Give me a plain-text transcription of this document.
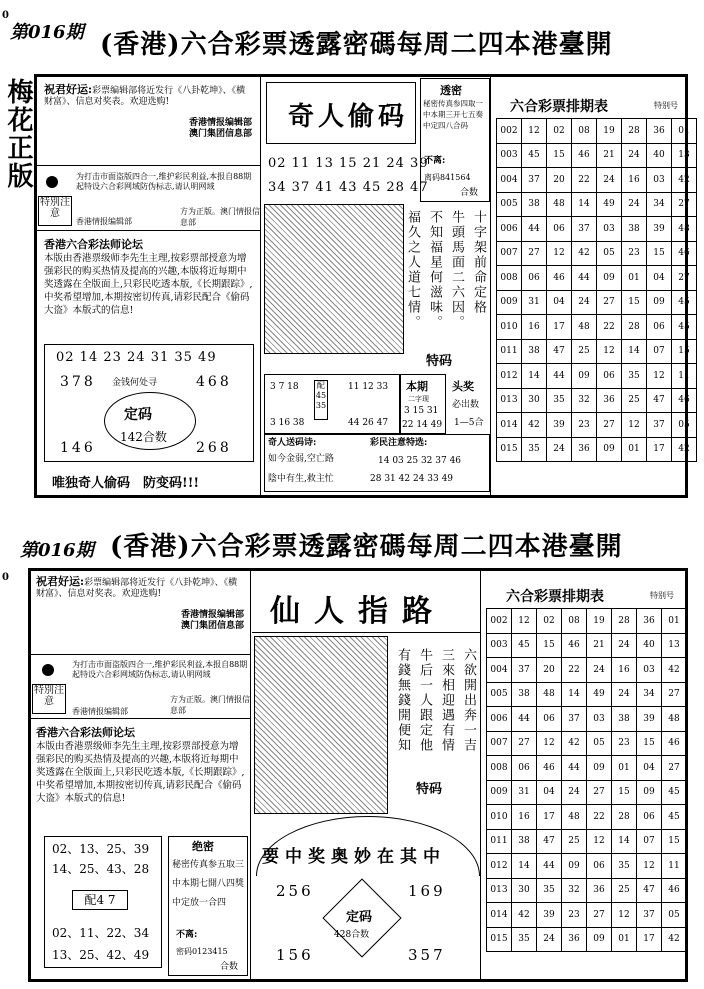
0
第016期 (香港)六合彩票透露密碼每周二四本港臺開
梅花正版 祝君好运:彩票编辑部将近发行《八卦乾坤》、《横财富》、信息对奖表。欢迎选购!
香港情报编辑部
澳门集团信息部
特別注意
为打击市面盗版四合一,维护彩民利益,本报自88期起特设六合彩网域防伪标志,请认明网域
香港情报编辑部
方为正版。澳门情报信息部
香港六合彩法师论坛
本版由香港票级师李先生主理,按彩票部授意为增强彩民的购买热情及提高的兴趣,本版将近每期中奖透露在全版面上,只彩民吃透本版,《长期跟踪》,中奖希望增加,本期按密切传真,请彩民配合《偷码大盗》本版式的信息!
02 14 23 24 31 35 49
378	468
金钱何处寻
定码
142合数
146	268
唯独奇人偷码　防变码!!!
奇人偷码
02 11 13 15 21 24 39
34 37 41 43 45 28 47
十字架前命定格
牛頭馬面二六因。
不知福星何滋味。
福久之人道七情。
特码
3 7 18
3 16 38
配45 35
11 12 33
44 26 47
本期
二字现
3 15 31
22 14 49
头奖
必出数
1—5合
奇人送码诗:
如今金弱,空亡路
陰中有生,救主忙
彩民注意特选:
14 03 25 32 37 46
28 31 42 24 33 49
透密
秘密传真参四取一中本期三开七五奏中定四八合码
不离:
离码841564
合数
六合彩票排期表	特别号
002	12	02	08	19	28	36	01
003	45	15	46	21	24	40	13
004	37	20	22	24	16	03	42
005	38	48	14	49	24	34	27
006	44	06	37	03	38	39	48
007	27	12	42	05	23	15	46
008	06	46	44	09	01	04	27
009	31	04	24	27	15	09	45
010	16	17	48	22	28	06	45
011	38	47	25	12	14	07	15
012	14	44	09	06	35	12	11
013	30	35	32	36	25	47	46
014	42	39	23	27	12	37	05
015	35	24	36	09	01	17	42
0
第016期 (香港)六合彩票透露密碼每周二四本港臺開
祝君好运:彩票编辑部将近发行《八卦乾坤》、《横财富》、信息对奖表。欢迎选购!
香港情报编辑部
澳门集团信息部
特別注意
为打击市面盗版四合一,维护彩民利益,本报自88期起特设六合彩网域防伪标志,请认明网域
方为正版。澳门情报信息部
香港情报编辑部
香港六合彩法师论坛
本版由香港票级师李先生主理,按彩票部授意为增强彩民的购买热情及提高的兴趣,本版将近每期中奖透露在全版面上,只彩民吃透本版,《长期跟踪》,中奖希望增加,本期按密切传真,请彩民配合《偷码大盗》本版式的信息!
02、13、25、39
14、25、43、28
配4 7
02、11、22、34
13、25、42、49
绝密
秘密传真参五取三中本期七開八四獎中定放一合四
不离:
密码0123415
合数
仙人指路
六欲開出奔一吉
三來相迎遇有情
牛后一人跟定他
有錢無錢開便知
特码
要中奖奥妙在其中
256	169
定码
428合数
156	357
六合彩票排期表	特别号
002	12	02	08	19	28	36	01
003	45	15	46	21	24	40	13
004	37	20	22	24	16	03	42
005	38	48	14	49	24	34	27
006	44	06	37	03	38	39	48
007	27	12	42	05	23	15	46
008	06	46	44	09	01	04	27
009	31	04	24	27	15	09	45
010	16	17	48	22	28	06	45
011	38	47	25	12	14	07	15
012	14	44	09	06	35	12	11
013	30	35	32	36	25	47	46
014	42	39	23	27	12	37	05
015	35	24	36	09	01	17	42
